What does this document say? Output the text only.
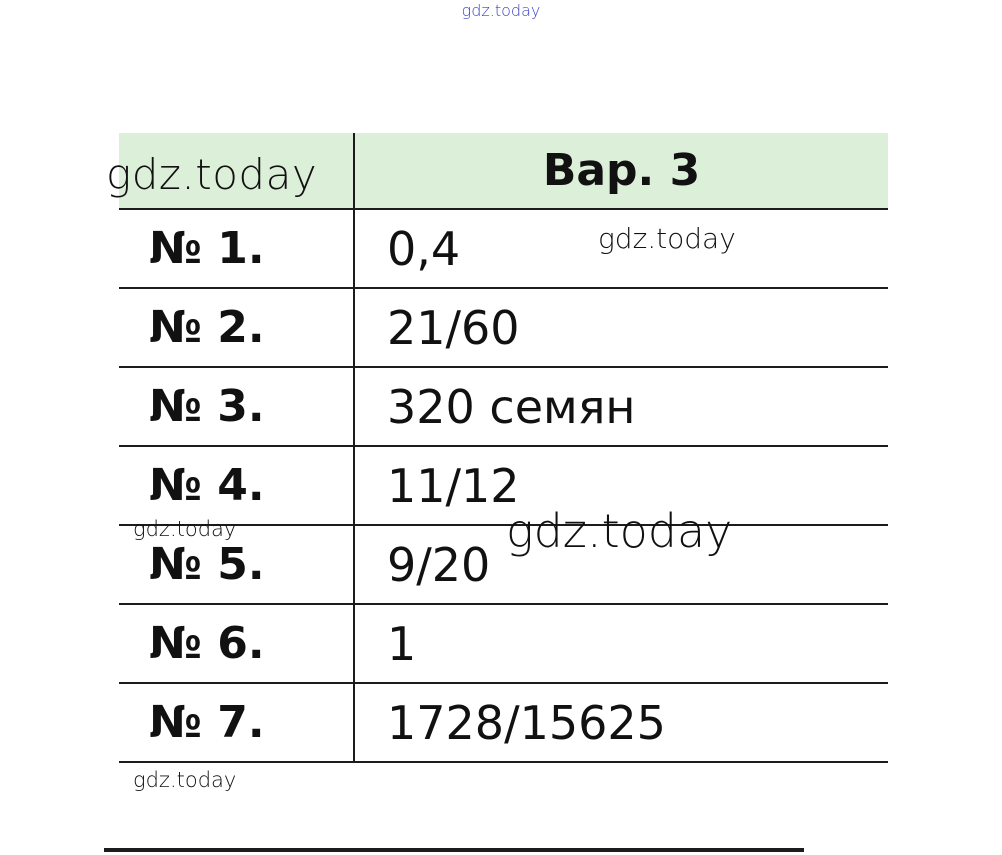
gdz.today
	Вар. 3
№ 1.	0,4
№ 2.	21/60
№ 3.	320 семян
№ 4.	11/12
№ 5.	9/20
№ 6.	1
№ 7.	1728/15625
gdz.today
gdz.today
gdz.today	gdz.today
gdz.today
